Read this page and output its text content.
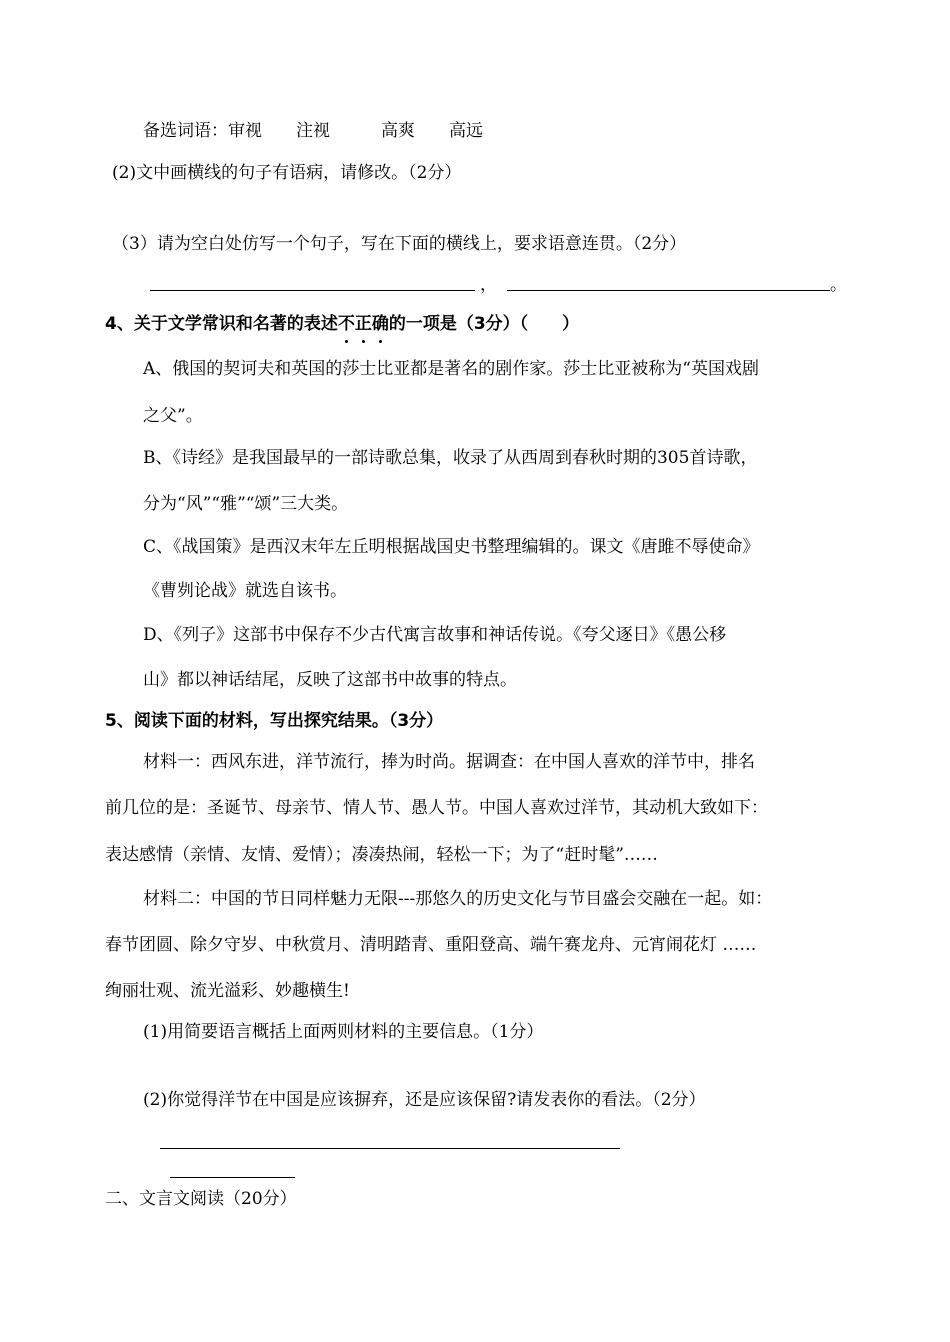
备选词语：审视　　注视　　　高爽　　高远
(2)文中画横线的句子有语病，请修改。（2分）
（3）请为空白处仿写一个句子，写在下面的横线上，要求语意连贯。（2分）
，	。
4、关于文学常识和名著的表述不正确的一项是（3分）（　　）
A、俄国的契诃夫和英国的莎士比亚都是著名的剧作家。莎士比亚被称为“英国戏剧
之父”。
B、《诗经》是我国最早的一部诗歌总集，收录了从西周到春秋时期的305首诗歌，
分为“风”“雅”“颂”三大类。
C、《战国策》是西汉末年左丘明根据战国史书整理编辑的。课文《唐雎不辱使命》
《曹刿论战》就选自该书。
D、《列子》这部书中保存不少古代寓言故事和神话传说。《夸父逐日》《愚公移
山》都以神话结尾，反映了这部书中故事的特点。
5、阅读下面的材料，写出探究结果。（3分）
材料一：西风东进，洋节流行，捧为时尚。据调查：在中国人喜欢的洋节中，排名
前几位的是：圣诞节、母亲节、情人节、愚人节。中国人喜欢过洋节，其动机大致如下：
表达感情（亲情、友情、爱情）；凑凑热闹，轻松一下；为了“赶时髦”……
材料二：中国的节日同样魅力无限---那悠久的历史文化与节目盛会交融在一起。如：
春节团圆、除夕守岁、中秋赏月、清明踏青、重阳登高、端午赛龙舟、元宵闹花灯 ……
绚丽壮观、流光溢彩、妙趣横生!
(1)用简要语言概括上面两则材料的主要信息。（1分）
(2)你觉得洋节在中国是应该摒弃，还是应该保留?请发表你的看法。（2分）
二、文言文阅读（20分）
